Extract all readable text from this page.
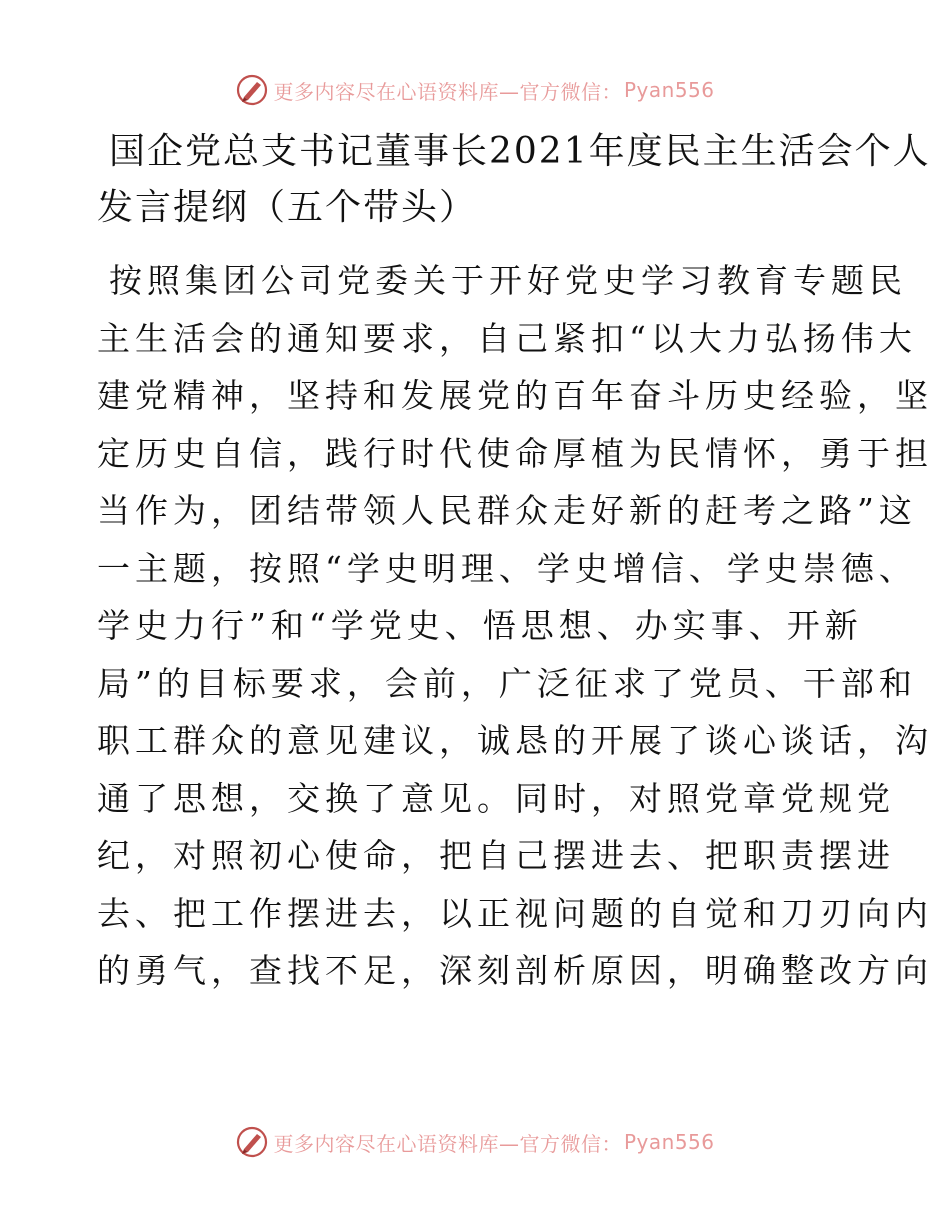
更多内容尽在心语资料库—官方微信： Pyan556
国企党总支书记董事长2021年度民主生活会个人
发言提纲（五个带头）
按照集团公司党委关于开好党史学习教育专题民
主生活会的通知要求，自己紧扣“以大力弘扬伟大
建党精神，坚持和发展党的百年奋斗历史经验，坚
定历史自信，践行时代使命厚植为民情怀，勇于担
当作为，团结带领人民群众走好新的赶考之路”这
一主题，按照“学史明理、学史增信、学史崇德、
学史力行”和“学党史、悟思想、办实事、开新
局”的目标要求，会前，广泛征求了党员、干部和
职工群众的意见建议，诚恳的开展了谈心谈话，沟
通了思想，交换了意见。同时，对照党章党规党
纪，对照初心使命，把自己摆进去、把职责摆进
去、把工作摆进去，以正视问题的自觉和刀刃向内
的勇气，查找不足，深刻剖析原因，明确整改方向
更多内容尽在心语资料库—官方微信： Pyan556
